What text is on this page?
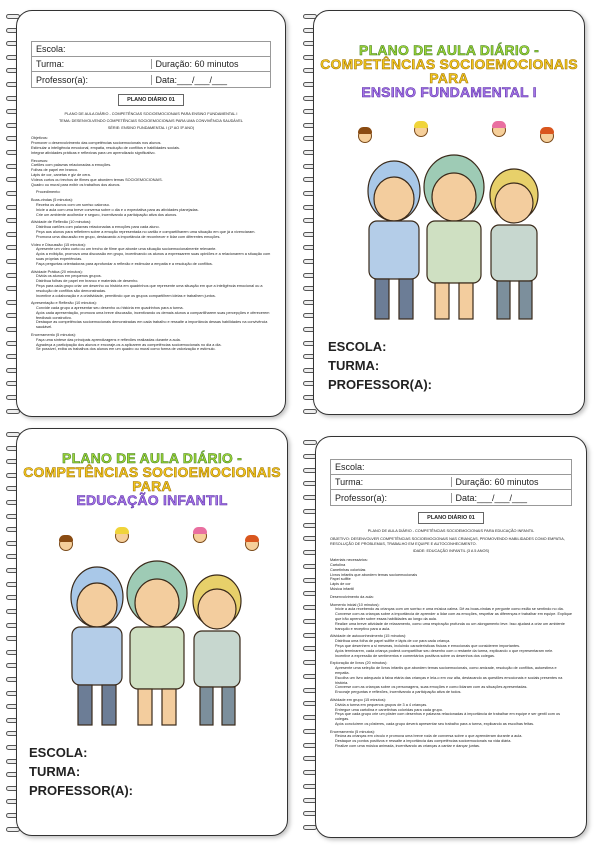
Escola:
Turma:	Duração: 60 minutos
Professor(a):	Data:___/___/___
PLANO DIÁRIO 01
PLANO DE AULA DIÁRIO - COMPETÊNCIAS SOCIOEMOCIONAIS PARA ENSINO FUNDAMENTAL I
TEMA: DESENVOLVENDO COMPETÊNCIAS SOCIOEMOCIONAIS PARA UMA CONVIVÊNCIA SAUDÁVEL
SÉRIE: ENSINO FUNDAMENTAL I (1º AO 5º ANO)
Objetivos:
Promover o desenvolvimento das competências socioemocionais nos alunos.
Estimular a inteligência emocional, empatia, resolução de conflitos e habilidades sociais.
Integrar atividades práticas e reflexivas para um aprendizado significativo.
Recursos:
Cartões com palavras relacionadas a emoções.
Folhas de papel em branco.
Lápis de cor, canetas e giz de cera.
Vídeos curtos ou trechos de filmes que abordem temas SOCIOEMOCIONAIS.
Quadro ou mural para exibir os trabalhos dos alunos.
Procedimento:
Boas-vindas (5 minutos):
Receba os alunos com um sorriso caloroso.
Inicie a aula com uma breve conversa sobre o dia e o expectativa para as atividades planejadas.
Crie um ambiente acolhedor e seguro, incentivando a participação ativa dos alunos.
Atividade de Reflexão (10 minutos):
Distribua cartões com palavras relacionadas a emoções para cada aluno.
Peça aos alunos para refletirem sobre a emoção representada no cartão e compartilharem uma situação em que já a vivenciaram.
Promova uma discussão em grupo, destacando a importância de reconhecer e lidar com diferentes emoções.
Vídeo e Discussão (15 minutos):
Apresente um vídeo curto ou um trecho de filme que aborde uma situação socioemocionalmente relevante.
Após a exibição, promova uma discussão em grupo, incentivando os alunos a expressarem suas opiniões e a relacionarem a situação com suas próprias experiências.
Faça perguntas orientadoras para aprofundar a reflexão e estimular a empatia e a resolução de conflitos.
Atividade Prática (20 minutos):
Divida os alunos em pequenos grupos.
Distribua folhas de papel em branco e materiais de desenho.
Peça para cada grupo criar um desenho ou história em quadrinhos que represente uma situação em que a inteligência emocional ou a resolução de conflitos são demonstradas.
Incentive a colaboração e a criatividade, permitindo que os grupos compartilhem ideias e trabalhem juntos.
Apresentação e Reflexão (10 minutos):
Convide cada grupo a apresentar seu desenho ou história em quadrinhos para a turma.
Após cada apresentação, promova uma breve discussão, incentivando os demais alunos a compartilharem suas percepções e oferecerem feedback construtivo.
Destaque as competências socioemocionais demonstradas em cada trabalho e ressalte a importância dessas habilidades na convivência saudável.
Encerramento (5 minutos):
Faça uma síntese das principais aprendizagens e reflexões realizadas durante a aula.
Agradeça a participação dos alunos e encoraje-os a aplicarem as competências socioemocionais no dia a dia.
Se possível, exiba os trabalhos dos alunos em um quadro ou mural como forma de valorização e estímulo.
PLANO DE AULA DIÁRIO -
COMPETÊNCIAS SOCIOEMOCIONAIS
PARA
ENSINO FUNDAMENTAL I
ESCOLA:
TURMA:
PROFESSOR(A):
PLANO DE AULA DIÁRIO -
COMPETÊNCIAS SOCIOEMOCIONAIS
PARA
EDUCAÇÃO INFANTIL
ESCOLA:
TURMA:
PROFESSOR(A):
Escola:
Turma:	Duração: 60 minutos
Professor(a):	Data:___/___/___
PLANO DIÁRIO 01
PLANO DE AULA DIÁRIO - COMPETÊNCIAS SOCIOEMOCIONAIS PARA EDUCAÇÃO INFANTIL
OBJETIVO: DESENVOLVER COMPETÊNCIAS SOCIOEMOCIONAIS NAS CRIANÇAS, PROMOVENDO HABILIDADES COMO EMPATIA, RESOLUÇÃO DE PROBLEMAS, TRABALHO EM EQUIPE E AUTOCONHECIMENTO.
IDADE: EDUCAÇÃO INFANTIL (3 A 5 ANOS)
Materiais necessários:
Cartolina
Canetinhas coloridas
Livros infantis que abordem temas socioemocionais
Papel sulfite
Lápis de cor
Música infantil
Desenvolvimento da aula:
Momento inicial (10 minutos):
Inicie a aula recebendo as crianças com um sorriso e uma música calma. Dê as boas-vindas e pergunte como estão se sentindo no dia.
Converse com as crianças sobre a importância de aprender a lidar com as emoções, respeitar as diferenças e trabalhar em equipe. Explique que irão aprender sobre essas habilidades ao longo da aula.
Realize uma breve atividade de relaxamento, como uma respiração profunda ou um alongamento leve. Isso ajudará a criar um ambiente tranquilo e receptivo para a aula.
Atividade de autoconhecimento (15 minutos):
Distribua uma folha de papel sulfite e lápis de cor para cada criança.
Peça que desenhem a si mesmas, incluindo características físicas e emocionais que considerem importantes.
Após terminarem, cada criança poderá compartilhar seu desenho com o restante da turma, explicando o que representaram nele.
Incentive a expressão de sentimentos e comentários positivos sobre os desenhos dos colegas.
Exploração de livros (20 minutos):
Apresente uma seleção de livros infantis que abordem temas socioemocionais, como amizade, resolução de conflitos, autoestima e empatia.
Escolha um livro adequado à faixa etária das crianças e leia-o em voz alta, destacando as questões emocionais e sociais presentes na história.
Converse com as crianças sobre os personagens, suas emoções e como lidaram com as situações apresentadas.
Encoraje perguntas e reflexões, incentivando a participação ativa de todos.
Atividade em grupo (15 minutos):
Divida a turma em pequenos grupos de 3 a 4 crianças.
Entregue uma cartolina e canetinhas coloridas para cada grupo.
Peça que cada grupo crie um pôster com desenhos e palavras relacionadas à importância de trabalhar em equipe e ser gentil com os colegas.
Após concluírem os pôsteres, cada grupo deverá apresentar seu trabalho para a turma, explicando as escolhas feitas.
Encerramento (5 minutos):
Reúna as crianças em círculo e promova uma breve roda de conversa sobre o que aprenderam durante a aula.
Destaque os pontos positivos e ressalte a importância das competências socioemocionais na vida diária.
Finalize com uma música animada, incentivando as crianças a cantar e dançar juntas.
